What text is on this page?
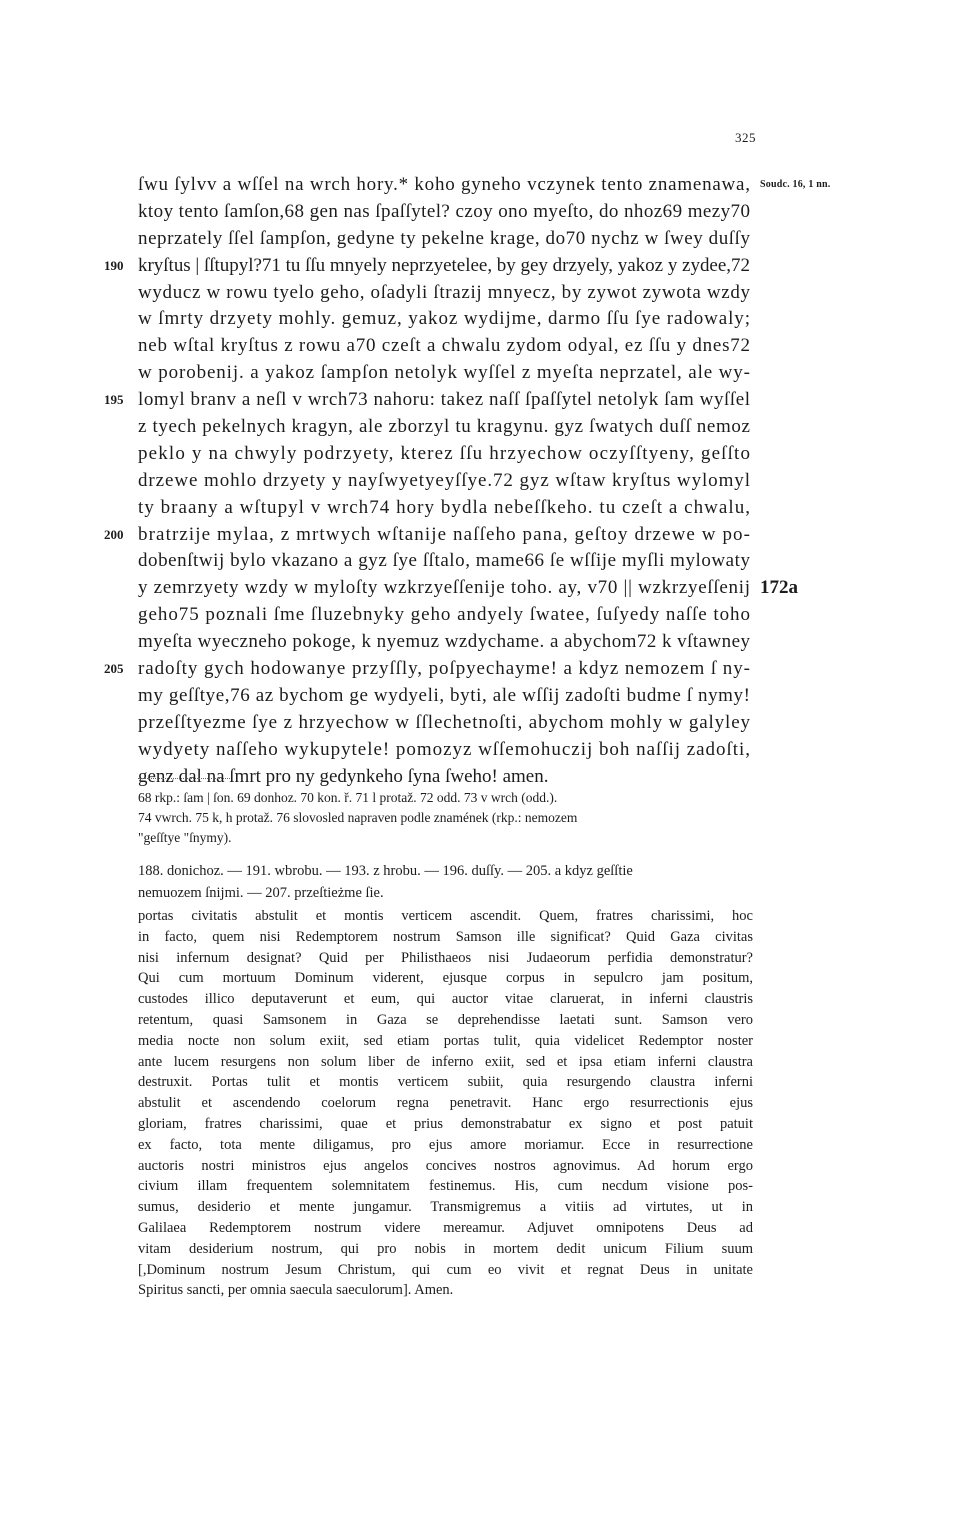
325
ſwu ſylvv a wſſel na wrch hory.* koho gyneho vczynek tento znamenawa, Soudc. 16, 1 nn.
ktoy tento ſamſon,68 gen nas ſpaſſytel? czoy ono myeſto, do nhoz69 mezy70
neprzately ſſel ſampſon, gedyne ty pekelne krage, do70 nychz w ſwey duſſy
kryſtus | ſſtupyl?71 tu ſſu mnyely neprzyetelee, by gey drzyely, yakoz y zydee,72
190
wyducz w rowu tyelo geho, oſadyli ſtrazij mnyecz, by zywot zywota wzdy
w ſmrty drzyety mohly. gemuz, yakoz wydijme, darmo ſſu ſye radowaly;
neb wſtal kryſtus z rowu a70 czeſt a chwalu zydom odyal, ez ſſu y dnes72
w porobenij. a yakoz ſampſon netolyk wyſſel z myeſta neprzatel, ale wy-
lomyl branv a neſl v wrch73 nahoru: takez naſſ ſpaſſytel netolyk ſam wyſſel
195
z tyech pekelnych kragyn, ale zborzyl tu kragynu. gyz ſwatych duſſ nemoz
peklo y na chwyly podrzyety, kterez ſſu hrzyechow oczyſſtyeny, geſſto
drzewe mohlo drzyety y nayſwyetyeyſſye.72 gyz wſtaw kryſtus wylomyl
ty braany a wſtupyl v wrch74 hory bydla nebeſſkeho. tu czeſt a chwalu,
bratrzije mylaa, z mrtwych wſtanije naſſeho pana, geſtoy drzewe w po-
200
dobenſtwij bylo vkazano a gyz ſye ſſtalo, mame66 ſe wſſije myſli mylowaty
y zemrzyety wzdy w myloſty wzkrzyeſſenije toho. ay, v70 || wzkrzyeſſenij 172a
geho75 poznali ſme ſluzebnyky geho andyely ſwatee, ſuſyedy naſſe toho
myeſta wyeczneho pokoge, k nyemuz wzdychame. a abychom72 k vſtawney
radoſty gych hodowanye przyſſly, poſpyechayme! a kdyz nemozem ſ ny-
205
my geſſtye,76 az bychom ge wydyeli, byti, ale wſſij zadoſti budme ſ nymy!
przeſſtyezme ſye z hrzyechow w ſſlechetnoſti, abychom mohly w galyley
wydyety naſſeho wykupytele! pomozyz wſſemohuczij boh naſſij zadoſti,
genz dal na ſmrt pro ny gedynkeho ſyna ſweho! amen.
68 rkp.: ſam | ſon. 69 donhoz. 70 kon. ř. 71 l protaž. 72 odd. 73 v wrch (odd.).
74 vwrch. 75 k, h protaž. 76 slovosled napraven podle znamének (rkp.: nemozem
"geſſtye "ſnymy).
188. donichoz. — 191. wbrobu. — 193. z hrobu. — 196. duſſy. — 205. a kdyz geſſtie
nemuozem ſnijmi. — 207. przeſtieżme ſie.
portas civitatis abstulit et montis verticem ascendit. Quem, fratres charissimi, hoc
in facto, quem nisi Redemptorem nostrum Samson ille significat? Quid Gaza civitas
nisi infernum designat? Quid per Philisthaeos nisi Judaeorum perfidia demonstratur?
Qui cum mortuum Dominum viderent, ejusque corpus in sepulcro jam positum,
custodes illico deputaverunt et eum, qui auctor vitae claruerat, in inferni claustris
retentum, quasi Samsonem in Gaza se deprehendisse laetati sunt. Samson vero
media nocte non solum exiit, sed etiam portas tulit, quia videlicet Redemptor noster
ante lucem resurgens non solum liber de inferno exiit, sed et ipsa etiam inferni claustra
destruxit. Portas tulit et montis verticem subiit, quia resurgendo claustra inferni
abstulit et ascendendo coelorum regna penetravit. Hanc ergo resurrectionis ejus
gloriam, fratres charissimi, quae et prius demonstrabatur ex signo et post patuit
ex facto, tota mente diligamus, pro ejus amore moriamur. Ecce in resurrectione
auctoris nostri ministros ejus angelos concives nostros agnovimus. Ad horum ergo
civium illam frequentem solemnitatem festinemus. His, cum necdum visione pos-
sumus, desiderio et mente jungamur. Transmigremus a vitiis ad virtutes, ut in
Galilaea Redemptorem nostrum videre mereamur. Adjuvet omnipotens Deus ad
vitam desiderium nostrum, qui pro nobis in mortem dedit unicum Filium suum
[,Dominum nostrum Jesum Christum, qui cum eo vivit et regnat Deus in unitate
Spiritus sancti, per omnia saecula saeculorum]. Amen.
